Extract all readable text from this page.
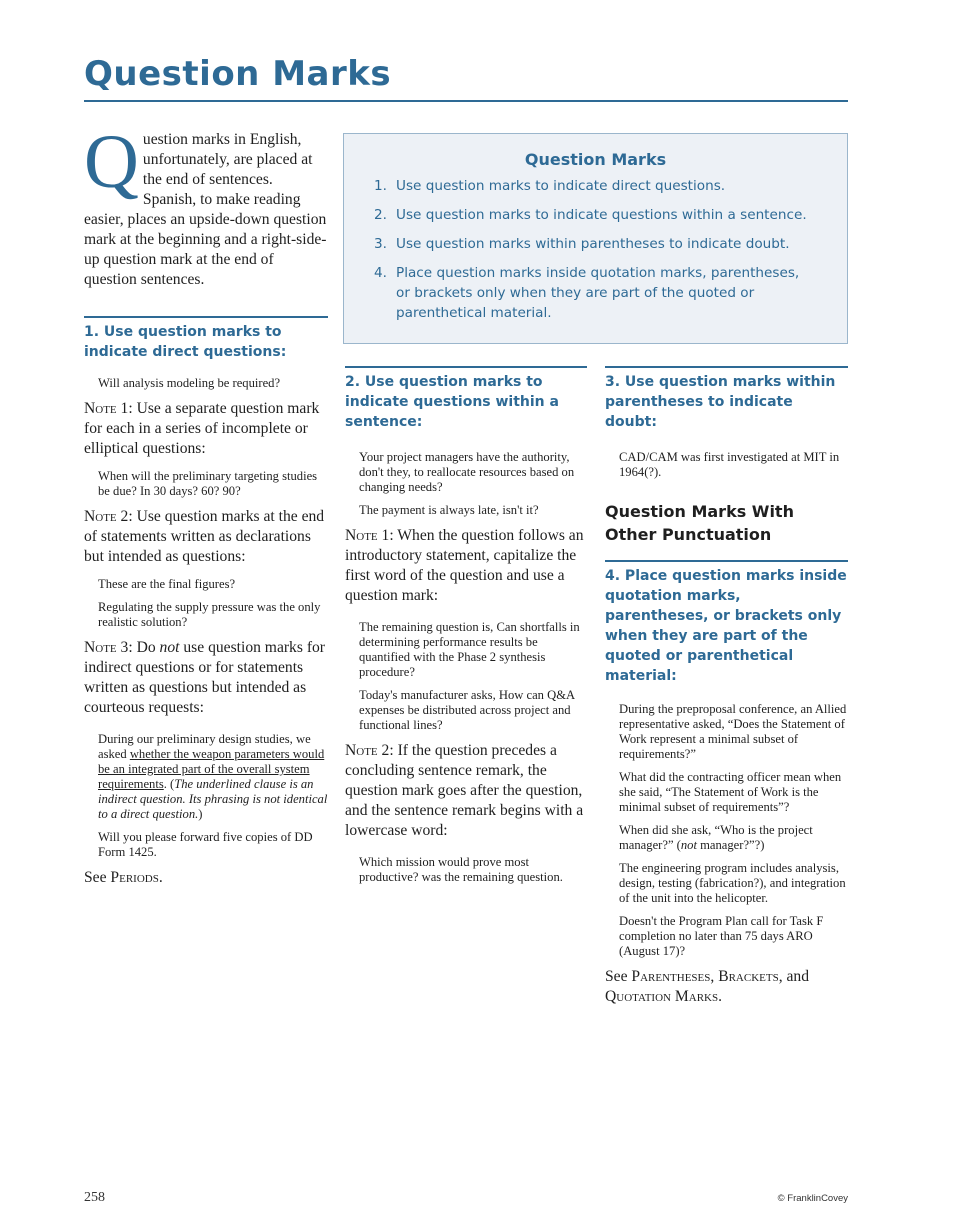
Question Marks
Question Marks
1. Use question marks to indicate direct questions.
2. Use question marks to indicate questions within a sentence.
3. Use question marks within parentheses to indicate doubt.
4. Place question marks inside quotation marks, parentheses, or brackets only when they are part of the quoted or parenthetical material.

Question marks in English, unfortunately, are placed at the end of sentences. Spanish, to make reading easier, places an upside-down question mark at the beginning and a right-side-up question mark at the end of question sentences.

1. Use question marks to indicate direct questions:

Will analysis modeling be required?

Note 1: Use a separate question mark for each in a series of incomplete or elliptical questions:

When will the preliminary targeting studies be due? In 30 days? 60? 90?

Note 2: Use question marks at the end of statements written as declarations but intended as questions:

These are the final figures?

Regulating the supply pressure was the only realistic solution?

Note 3: Do not use question marks for indirect questions or for statements written as questions but intended as courteous requests:

During our preliminary design studies, we asked whether the weapon parameters would be an integrated part of the overall system requirements. (The underlined clause is an indirect question. Its phrasing is not identical to a direct question.)

Will you please forward five copies of DD Form 1425.

See Periods.

2. Use question marks to indicate questions within a sentence:

Your project managers have the authority, don't they, to reallocate resources based on changing needs?

The payment is always late, isn't it?

Note 1: When the question follows an introductory statement, capitalize the first word of the question and use a question mark:

The remaining question is, Can shortfalls in determining performance results be quantified with the Phase 2 synthesis procedure?

Today's manufacturer asks, How can Q&A expenses be distributed across project and functional lines?

Note 2: If the question precedes a concluding sentence remark, the question mark goes after the question, and the sentence remark begins with a lowercase word:

Which mission would prove most productive? was the remaining question.

3. Use question marks within parentheses to indicate doubt:

CAD/CAM was first investigated at MIT in 1964(?).

Question Marks With Other Punctuation
4. Place question marks inside quotation marks, parentheses, or brackets only when they are part of the quoted or parenthetical material:

During the preproposal conference, an Allied representative asked, “Does the Statement of Work represent a minimal subset of requirements?”

What did the contracting officer mean when she said, “The Statement of Work is the minimal subset of requirements”?

When did she ask, “Who is the project manager?” (not manager?”?)

The engineering program includes analysis, design, testing (fabrication?), and integration of the unit into the helicopter.

Doesn't the Program Plan call for Task F completion no later than 75 days ARO (August 17)?

See Parentheses, Brackets, and Quotation Marks.

258	© FranklinCovey
